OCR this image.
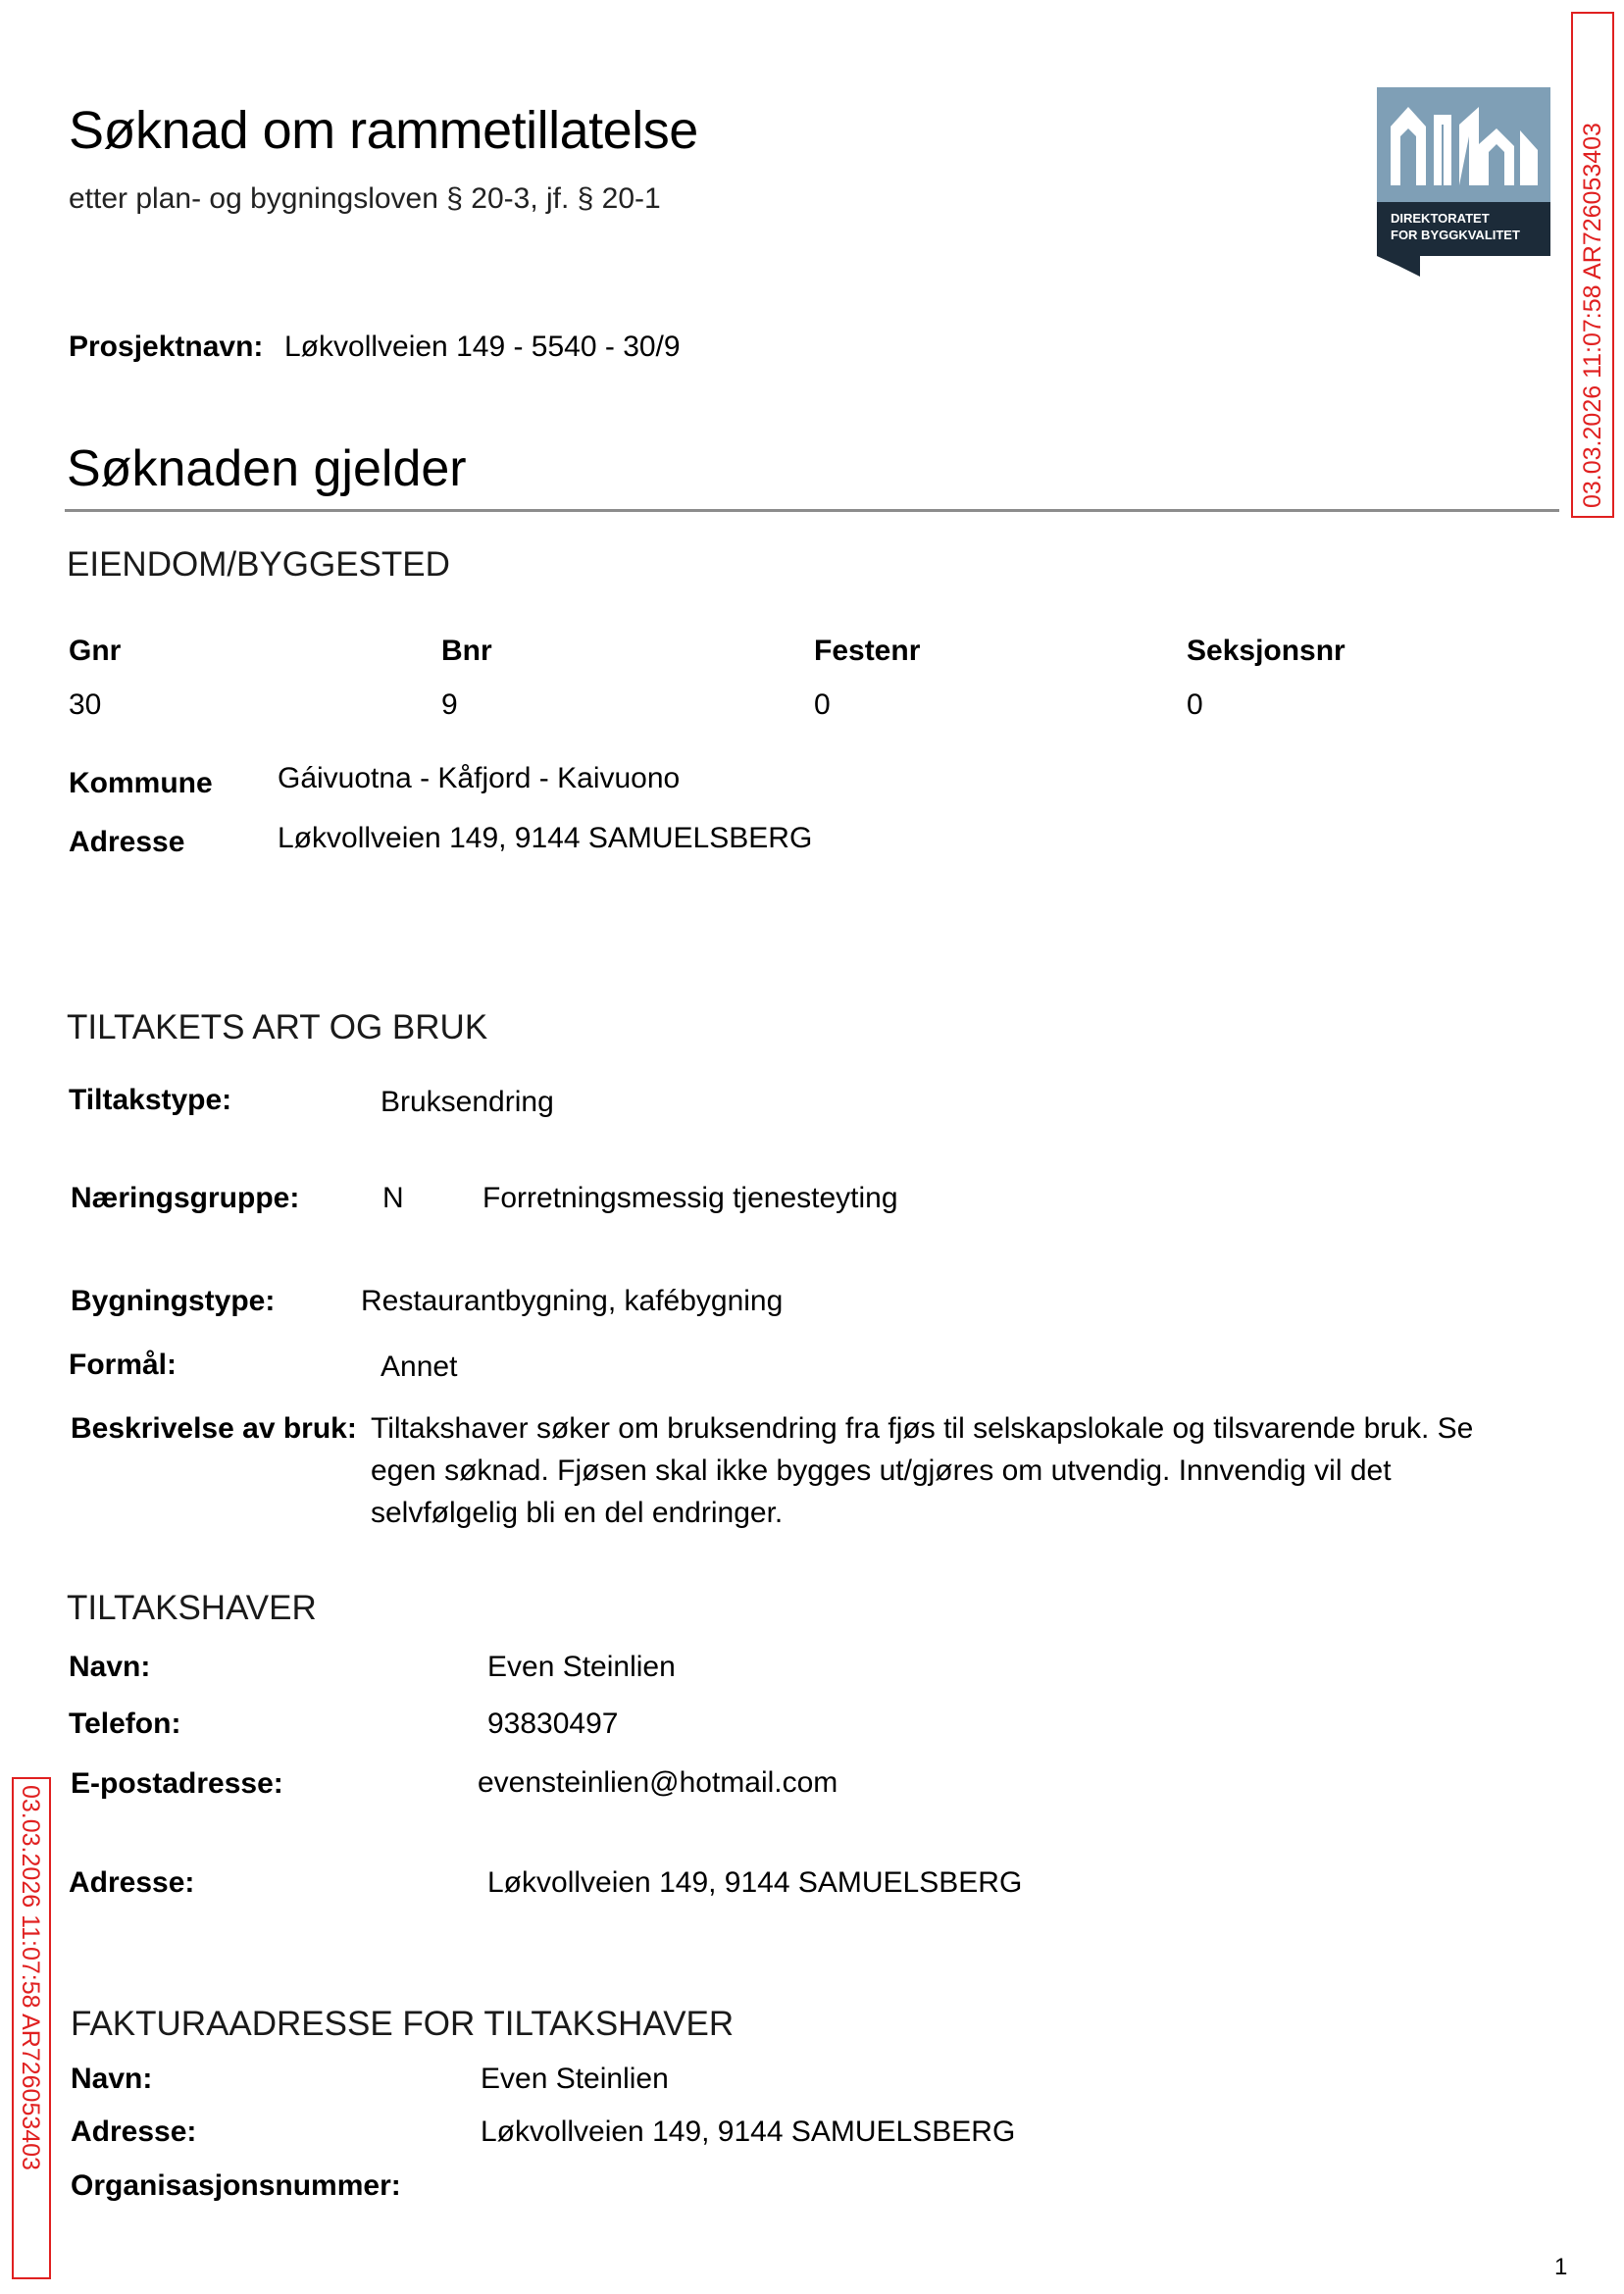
Søknad om rammetillatelse
etter plan- og bygningsloven § 20-3, jf. § 20-1
DIREKTORATET
FOR BYGGKVALITET
Prosjektnavn: Løkvollveien 149 - 5540 - 30/9
Søknaden gjelder
EIENDOM/BYGGESTED
Gnr	Bnr	Festenr	Seksjonsnr
30	9	0	0
Kommune Gáivuotna - Kåfjord - Kaivuono
Adresse	Løkvollveien 149, 9144 SAMUELSBERG
TILTAKETS ART OG BRUK
Tiltakstype:	Bruksendring
Næringsgruppe:	N	Forretningsmessig tjenesteyting
Bygningstype:	Restaurantbygning, kafébygning
Formål:	Annet
Beskrivelse av bruk: Tiltakshaver søker om bruksendring fra fjøs til selskapslokale og tilsvarende bruk. Se egen søknad. Fjøsen skal ikke bygges ut/gjøres om utvendig. Innvendig vil det selvfølgelig bli en del endringer.
TILTAKSHAVER
Navn:	Even Steinlien
Telefon:	93830497
E-postadresse:	evensteinlien@hotmail.com
Adresse:	Løkvollveien 149, 9144 SAMUELSBERG
FAKTURAADRESSE FOR TILTAKSHAVER
Navn:	Even Steinlien
Adresse:	Løkvollveien 149, 9144 SAMUELSBERG
Organisasjonsnummer:
03.03.2026 11:07:58 AR726053403
03.03.2026 11:07:58 AR726053403
1
